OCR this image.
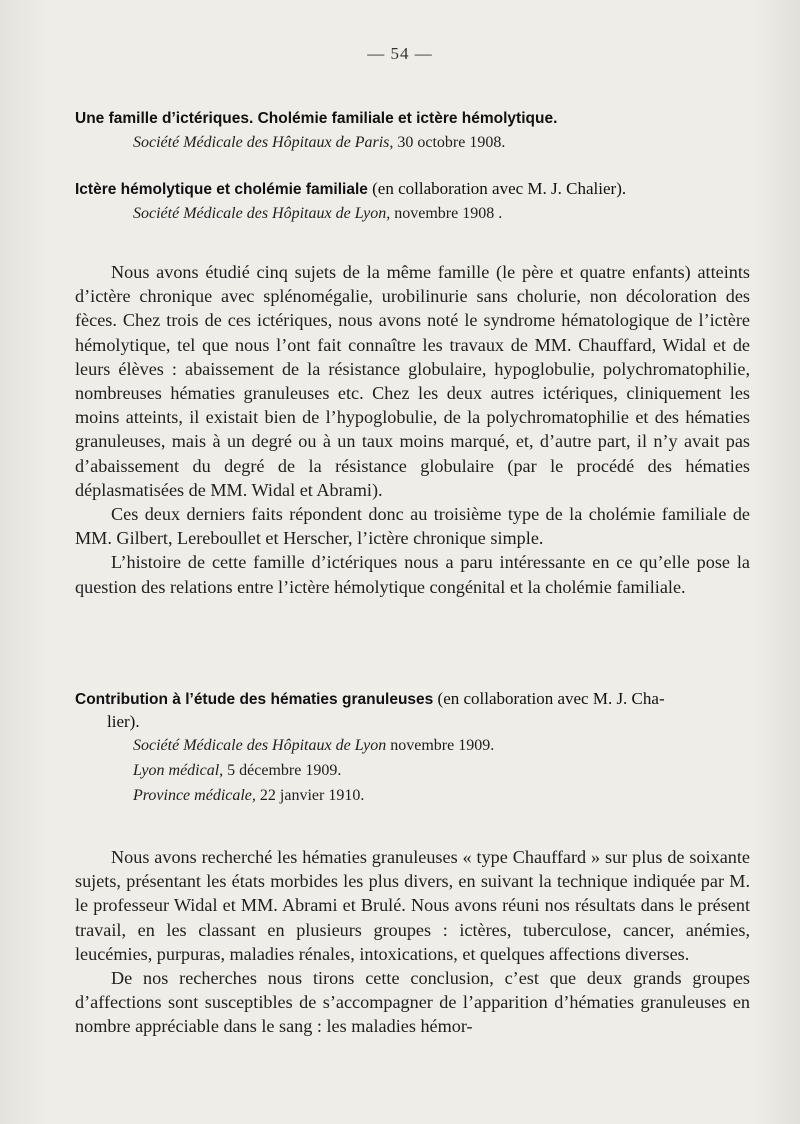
— 54 —

Une famille d’ictériques. Cholémie familiale et ictère hémolytique.

Société Médicale des Hôpitaux de Paris, 30 octobre 1908.

Ictère hémolytique et cholémie familiale (en collaboration avec M. J. Chalier).

Société Médicale des Hôpitaux de Lyon, novembre 1908 .

Nous avons étudié cinq sujets de la même famille (le père et quatre enfants) atteints d’ictère chronique avec splénomégalie, urobilinurie sans cholurie, non décoloration des fèces. Chez trois de ces ictériques, nous avons noté le syndrome hématologique de l’ictère hémolytique, tel que nous l’ont fait connaître les travaux de MM. Chauffard, Widal et de leurs élèves : abaissement de la résistance globulaire, hypoglobulie, polychromatophilie, nombreuses hématies granuleuses etc. Chez les deux autres ictériques, cliniquement les moins atteints, il existait bien de l’hypoglobulie, de la polychromatophilie et des hématies granuleuses, mais à un degré ou à un taux moins marqué, et, d’autre part, il n’y avait pas d’abaissement du degré de la résistance globulaire (par le procédé des hématies déplasmatisées de MM. Widal et Abrami).

Ces deux derniers faits répondent donc au troisième type de la cholémie familiale de MM. Gilbert, Lereboullet et Herscher, l’ictère chronique simple.

L’histoire de cette famille d’ictériques nous a paru intéressante en ce qu’elle pose la question des relations entre l’ictère hémolytique congénital et la cholémie familiale.

Contribution à l’étude des hématies granuleuses (en collaboration avec M. J. Cha-
lier).

Société Médicale des Hôpitaux de Lyon novembre 1909.

Lyon médical, 5 décembre 1909.

Province médicale, 22 janvier 1910.

Nous avons recherché les hématies granuleuses « type Chauffard » sur plus de soixante sujets, présentant les états morbides les plus divers, en suivant la technique indiquée par M. le professeur Widal et MM. Abrami et Brulé. Nous avons réuni nos résultats dans le présent travail, en les classant en plusieurs groupes : ictères, tuberculose, cancer, anémies, leucémies, purpuras, maladies rénales, intoxications, et quelques affections diverses.

De nos recherches nous tirons cette conclusion, c’est que deux grands groupes d’affections sont susceptibles de s’accompagner de l’apparition d’hématies granuleuses en nombre appréciable dans le sang : les maladies hémor-
